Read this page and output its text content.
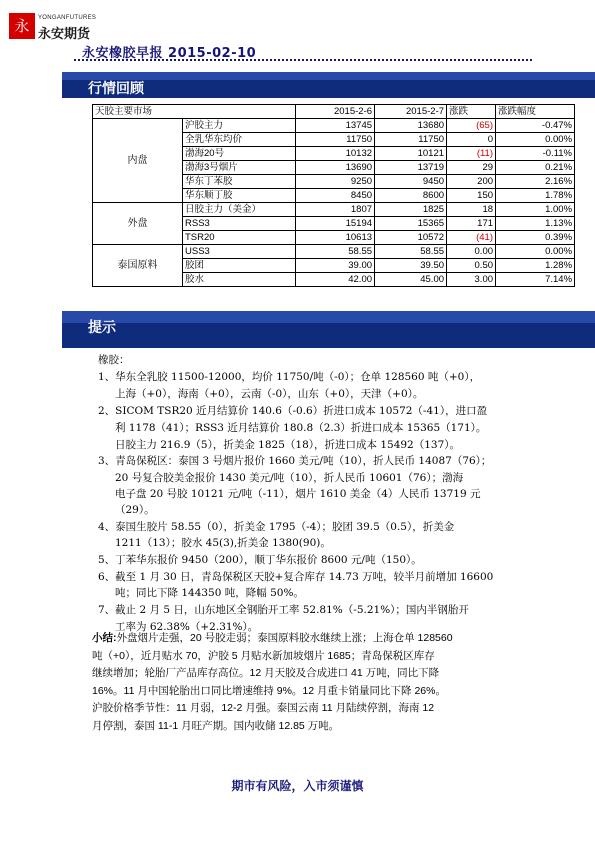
永	YONGANFUTURES
永安期货
永安橡胶早报 2015-02-10
行情回顾
天胶主要市场		2015-2-6	2015-2-7	涨跌	涨跌幅度
内盘	沪胶主力	13745	13680	(65)	-0.47%
	全乳华东均价	11750	11750	0	0.00%
	渤海20号	10132	10121	(11)	-0.11%
	渤海3号烟片	13690	13719	29	0.21%
	华东丁苯胶	9250	9450	200	2.16%
	华东顺丁胶	8450	8600	150	1.78%
外盘	日胶主力（美金）	1807	1825	18	1.00%
	RSS3	15194	15365	171	1.13%
	TSR20	10613	10572	(41)	0.39%
泰国原料	USS3	58.55	58.55	0.00	0.00%
	胶团	39.00	39.50	0.50	1.28%
	胶水	42.00	45.00	3.00	7.14%
提示
橡胶：
1、华东全乳胶 11500-12000，均价 11750/吨（-0）；仓单 128560 吨（+0），
上海（+0），海南（+0），云南（-0），山东（+0），天津（+0）。
2、SICOM TSR20 近月结算价 140.6（-0.6）折进口成本 10572（-41），进口盈
利 1178（41）；RSS3 近月结算价 180.8（2.3）折进口成本 15365（171）。
日胶主力 216.9（5），折美金 1825（18），折进口成本 15492（137）。
3、青岛保税区：泰国 3 号烟片报价 1660 美元/吨（10），折人民币 14087（76）；
20 号复合胶美金报价 1430 美元/吨（10），折人民币 10601（76）；渤海
电子盘 20 号胶 10121 元/吨（-11），烟片 1610 美金（4）人民币 13719 元
（29）。
4、泰国生胶片 58.55（0），折美金 1795（-4）；胶团 39.5（0.5），折美金
1211（13）；胶水 45(3),折美金 1380(90)。
5、丁苯华东报价 9450（200），顺丁华东报价 8600 元/吨（150）。
6、截至 1 月 30 日，青岛保税区天胶+复合库存 14.73 万吨，较半月前增加 16600
吨；同比下降 144350 吨，降幅 50%。
7、截止 2 月 5 日，山东地区全钢胎开工率 52.81%（-5.21%）；国内半钢胎开
工率为 62.38%（+2.31%）。
小结:外盘烟片走强，20 号胶走弱；泰国原料胶水继续上涨；上海仓单 128560
吨（+0），近月贴水 70，沪胶 5 月贴水新加坡烟片 1685；青岛保税区库存
继续增加；轮胎厂产品库存高位。12 月天胶及合成进口 41 万吨，同比下降
16%。11 月中国轮胎出口同比增速维持 9%。12 月重卡销量同比下降 26%。
沪胶价格季节性：11 月弱，12-2 月强。泰国云南 11 月陆续停割，海南 12
月停割，泰国 11-1 月旺产期。国内收储 12.85 万吨。
期市有风险，入市须谨慎
